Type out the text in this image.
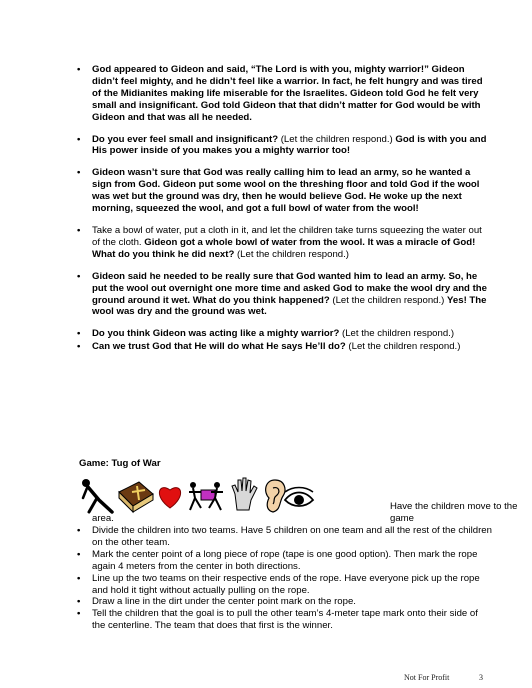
• God appeared to Gideon and said, “The Lord is with you, mighty warrior!” Gideon didn’t feel mighty, and he didn’t feel like a warrior. In fact, he felt hungry and was tired of the Midianites making life miserable for the Israelites. Gideon told God he felt very small and insignificant. God told Gideon that that didn’t matter for God would be with Gideon and that was all he needed.
• Do you ever feel small and insignificant? (Let the children respond.) God is with you and His power inside of you makes you a mighty warrior too!
• Gideon wasn’t sure that God was really calling him to lead an army, so he wanted a sign from God. Gideon put some wool on the threshing floor and told God if the wool was wet but the ground was dry, then he would believe God. He woke up the next morning, squeezed the wool, and got a full bowl of water from the wool!
• Take a bowl of water, put a cloth in it, and let the children take turns squeezing the water out of the cloth. Gideon got a whole bowl of water from the wool. It was a miracle of God! What do you think he did next? (Let the children respond.)
• Gideon said he needed to be really sure that God wanted him to lead an army. So, he put the wool out overnight one more time and asked God to make the wool dry and the ground around it wet. What do you think happened? (Let the children respond.) Yes! The wool was dry and the ground was wet.
• Do you think Gideon was acting like a mighty warrior? (Let the children respond.)
• Can we trust God that He will do what He says He’ll do? (Let the children respond.)
Game: Tug of War
Have the children move to the game
area.
• Divide the children into two teams. Have 5 children on one team and all the rest of the children on the other team.
• Mark the center point of a long piece of rope (tape is one good option). Then mark the rope again 4 meters from the center in both directions.
• Line up the two teams on their respective ends of the rope. Have everyone pick up the rope and hold it tight without actually pulling on the rope.
• Draw a line in the dirt under the center point mark on the rope.
• Tell the children that the goal is to pull the other team’s 4-meter tape mark onto their side of the centerline. The team that does that first is the winner.
Not For Profit	3
